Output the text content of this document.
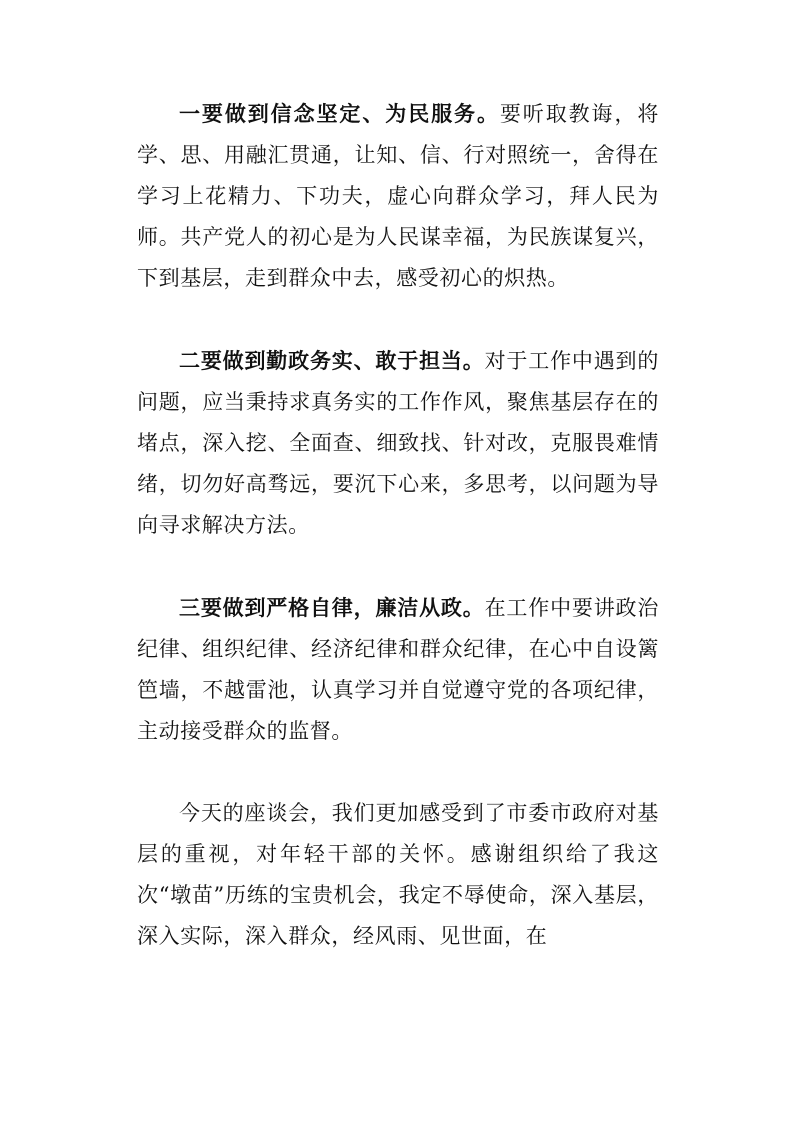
一要做到信念坚定、为民服务。要听取教诲，将学、思、用融汇贯通，让知、信、行对照统一，舍得在学习上花精力、下功夫，虚心向群众学习，拜人民为师。共产党人的初心是为人民谋幸福，为民族谋复兴，下到基层，走到群众中去，感受初心的炽热。

二要做到勤政务实、敢于担当。对于工作中遇到的问题，应当秉持求真务实的工作作风，聚焦基层存在的堵点，深入挖、全面查、细致找、针对改，克服畏难情绪，切勿好高骛远，要沉下心来，多思考，以问题为导向寻求解决方法。

三要做到严格自律，廉洁从政。在工作中要讲政治纪律、组织纪律、经济纪律和群众纪律，在心中自设篱笆墙，不越雷池，认真学习并自觉遵守党的各项纪律，主动接受群众的监督。

今天的座谈会，我们更加感受到了市委市政府对基层的重视，对年轻干部的关怀。感谢组织给了我这次“墩苗”历练的宝贵机会，我定不辱使命，深入基层，深入实际，深入群众，经风雨、见世面，在
